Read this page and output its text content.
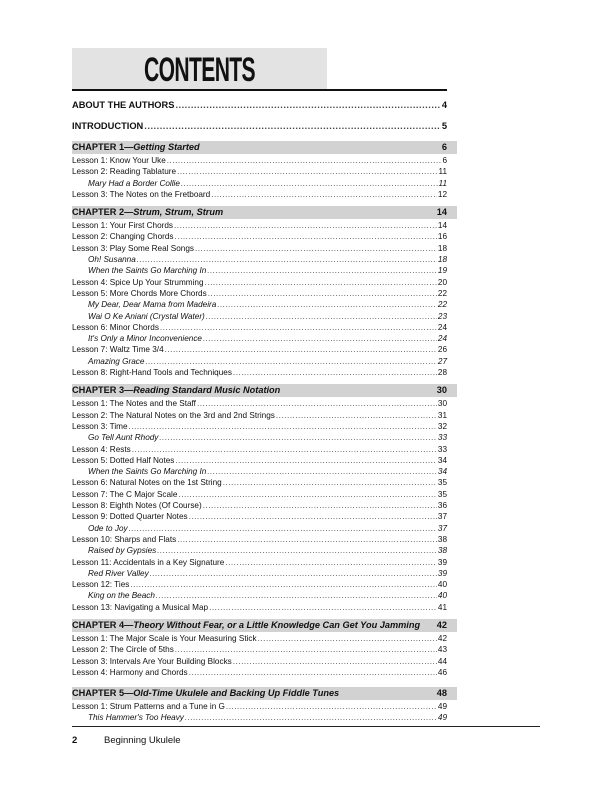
CONTENTS
ABOUT THE AUTHORS .....	4
INTRODUCTION .....	5
CHAPTER 1—Getting Started	6
Lesson 1: Know Your Uke .....	6
Lesson 2: Reading Tablature .....	11
Mary Had a Border Collie .....	11
Lesson 3: The Notes on the Fretboard .....	12
CHAPTER 2—Strum, Strum, Strum	14
Lesson 1: Your First Chords .....	14
Lesson 2: Changing Chords .....	16
Lesson 3: Play Some Real Songs .....	18
Oh! Susanna .....	18
When the Saints Go Marching In .....	19
Lesson 4: Spice Up Your Strumming .....	20
Lesson 5: More Chords More Chords .....	22
My Dear, Dear Mama from Madeira .....	22
Wai O Ke Aniani (Crystal Water) .....	23
Lesson 6: Minor Chords .....	24
It's Only a Minor Inconvenience .....	24
Lesson 7: Waltz Time 3/4 .....	26
Amazing Grace .....	27
Lesson 8: Right-Hand Tools and Techniques .....	28
CHAPTER 3—Reading Standard Music Notation	30
Lesson 1: The Notes and the Staff .....	30
Lesson 2: The Natural Notes on the 3rd and 2nd Strings .....	31
Lesson 3: Time .....	32
Go Tell Aunt Rhody .....	33
Lesson 4: Rests .....	33
Lesson 5: Dotted Half Notes .....	34
When the Saints Go Marching In .....	34
Lesson 6: Natural Notes on the 1st String .....	35
Lesson 7: The C Major Scale .....	35
Lesson 8: Eighth Notes (Of Course) .....	36
Lesson 9: Dotted Quarter Notes .....	37
Ode to Joy .....	37
Lesson 10: Sharps and Flats .....	38
Raised by Gypsies .....	38
Lesson 11: Accidentals in a Key Signature .....	39
Red River Valley .....	39
Lesson 12: Ties .....	40
King on the Beach .....	40
Lesson 13: Navigating a Musical Map .....	41
CHAPTER 4—Theory Without Fear, or a Little Knowledge Can Get You Jamming 42
Lesson 1: The Major Scale is Your Measuring Stick .....	42
Lesson 2: The Circle of 5ths .....	43
Lesson 3: Intervals Are Your Building Blocks .....	44
Lesson 4: Harmony and Chords .....	46
CHAPTER 5—Old-Time Ukulele and Backing Up Fiddle Tunes	48
Lesson 1: Strum Patterns and a Tune in G .....	49
This Hammer's Too Heavy .....	49
2	Beginning Ukulele
